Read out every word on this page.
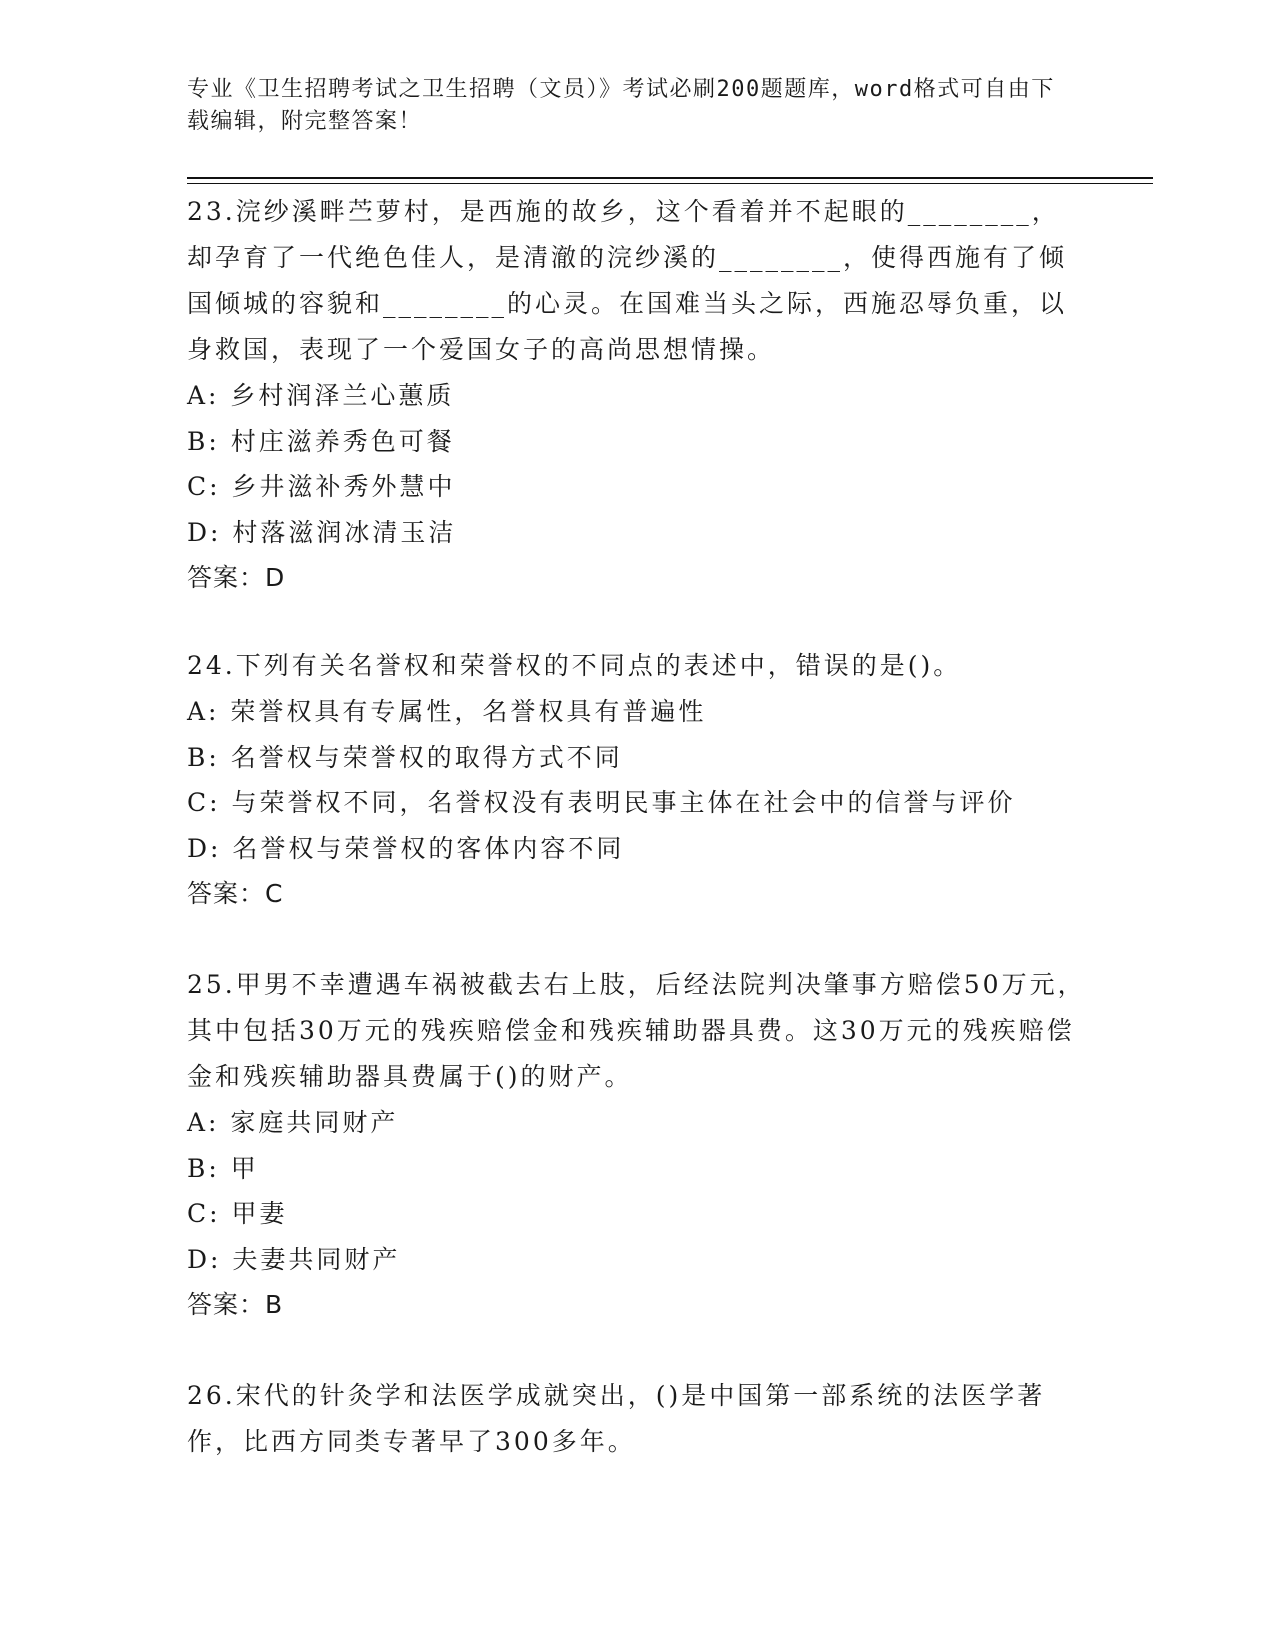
专业《卫生招聘考试之卫生招聘（文员）》考试必刷200题题库，word格式可自由下载编辑，附完整答案！

23.浣纱溪畔苎萝村，是西施的故乡，这个看着并不起眼的________，却孕育了一代绝色佳人，是清澈的浣纱溪的________，使得西施有了倾国倾城的容貌和________的心灵。在国难当头之际，西施忍辱负重，以身救国，表现了一个爱国女子的高尚思想情操。

A: 乡村润泽兰心蕙质

B: 村庄滋养秀色可餐

C: 乡井滋补秀外慧中

D: 村落滋润冰清玉洁

答案：D

24.下列有关名誉权和荣誉权的不同点的表述中，错误的是()。

A: 荣誉权具有专属性，名誉权具有普遍性

B: 名誉权与荣誉权的取得方式不同

C: 与荣誉权不同，名誉权没有表明民事主体在社会中的信誉与评价

D: 名誉权与荣誉权的客体内容不同

答案：C

25.甲男不幸遭遇车祸被截去右上肢，后经法院判决肇事方赔偿50万元，其中包括30万元的残疾赔偿金和残疾辅助器具费。这30万元的残疾赔偿金和残疾辅助器具费属于()的财产。

A: 家庭共同财产

B: 甲

C: 甲妻

D: 夫妻共同财产

答案：B

26.宋代的针灸学和法医学成就突出，()是中国第一部系统的法医学著作，比西方同类专著早了300多年。
